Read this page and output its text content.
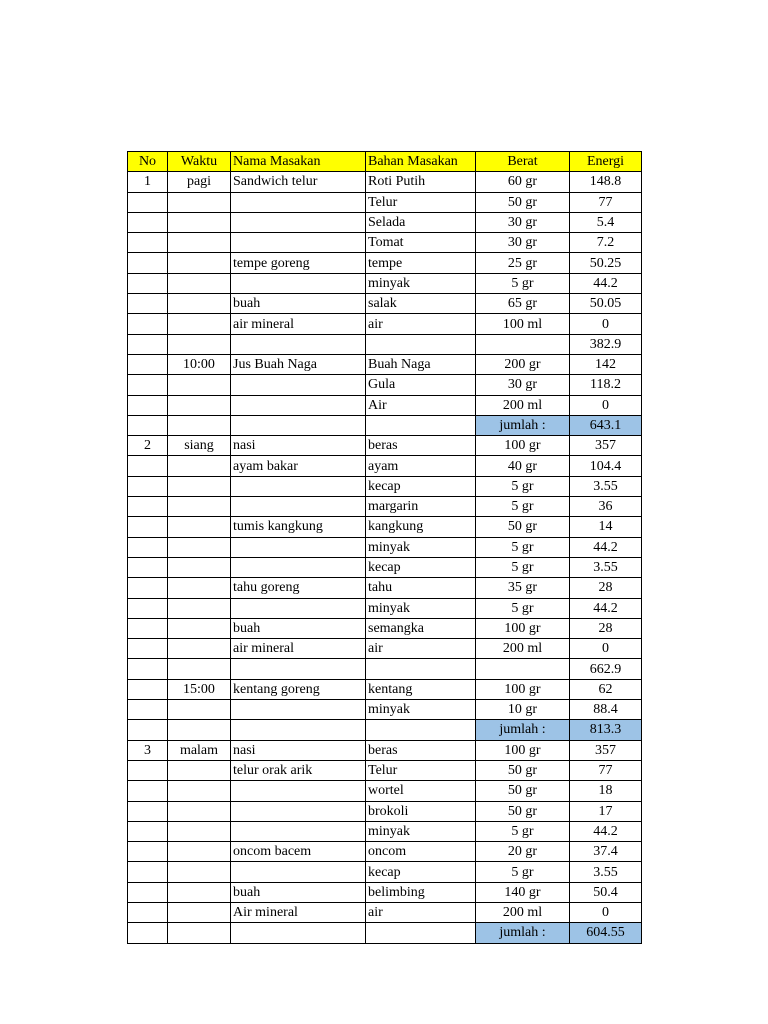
No	Waktu	Nama Masakan	Bahan Masakan	Berat	Energi
1	pagi	Sandwich telur	Roti Putih	60 gr	148.8
			Telur	50 gr	77
			Selada	30 gr	5.4
			Tomat	30 gr	7.2
		tempe goreng	tempe	25 gr	50.25
			minyak	5 gr	44.2
		buah	salak	65 gr	50.05
		air mineral	air	100 ml	0
					382.9
	10:00	Jus Buah Naga	Buah Naga	200 gr	142
			Gula	30 gr	118.2
			Air	200 ml	0
				jumlah :	643.1
2	siang	nasi	beras	100 gr	357
		ayam bakar	ayam	40 gr	104.4
			kecap	5 gr	3.55
			margarin	5 gr	36
		tumis kangkung	kangkung	50 gr	14
			minyak	5 gr	44.2
			kecap	5 gr	3.55
		tahu goreng	tahu	35 gr	28
			minyak	5 gr	44.2
		buah	semangka	100 gr	28
		air mineral	air	200 ml	0
					662.9
	15:00	kentang goreng	kentang	100 gr	62
			minyak	10 gr	88.4
				jumlah :	813.3
3	malam	nasi	beras	100 gr	357
		telur orak arik	Telur	50 gr	77
			wortel	50 gr	18
			brokoli	50 gr	17
			minyak	5 gr	44.2
		oncom bacem	oncom	20 gr	37.4
			kecap	5 gr	3.55
		buah	belimbing	140 gr	50.4
		Air mineral	air	200 ml	0
				jumlah :	604.55
